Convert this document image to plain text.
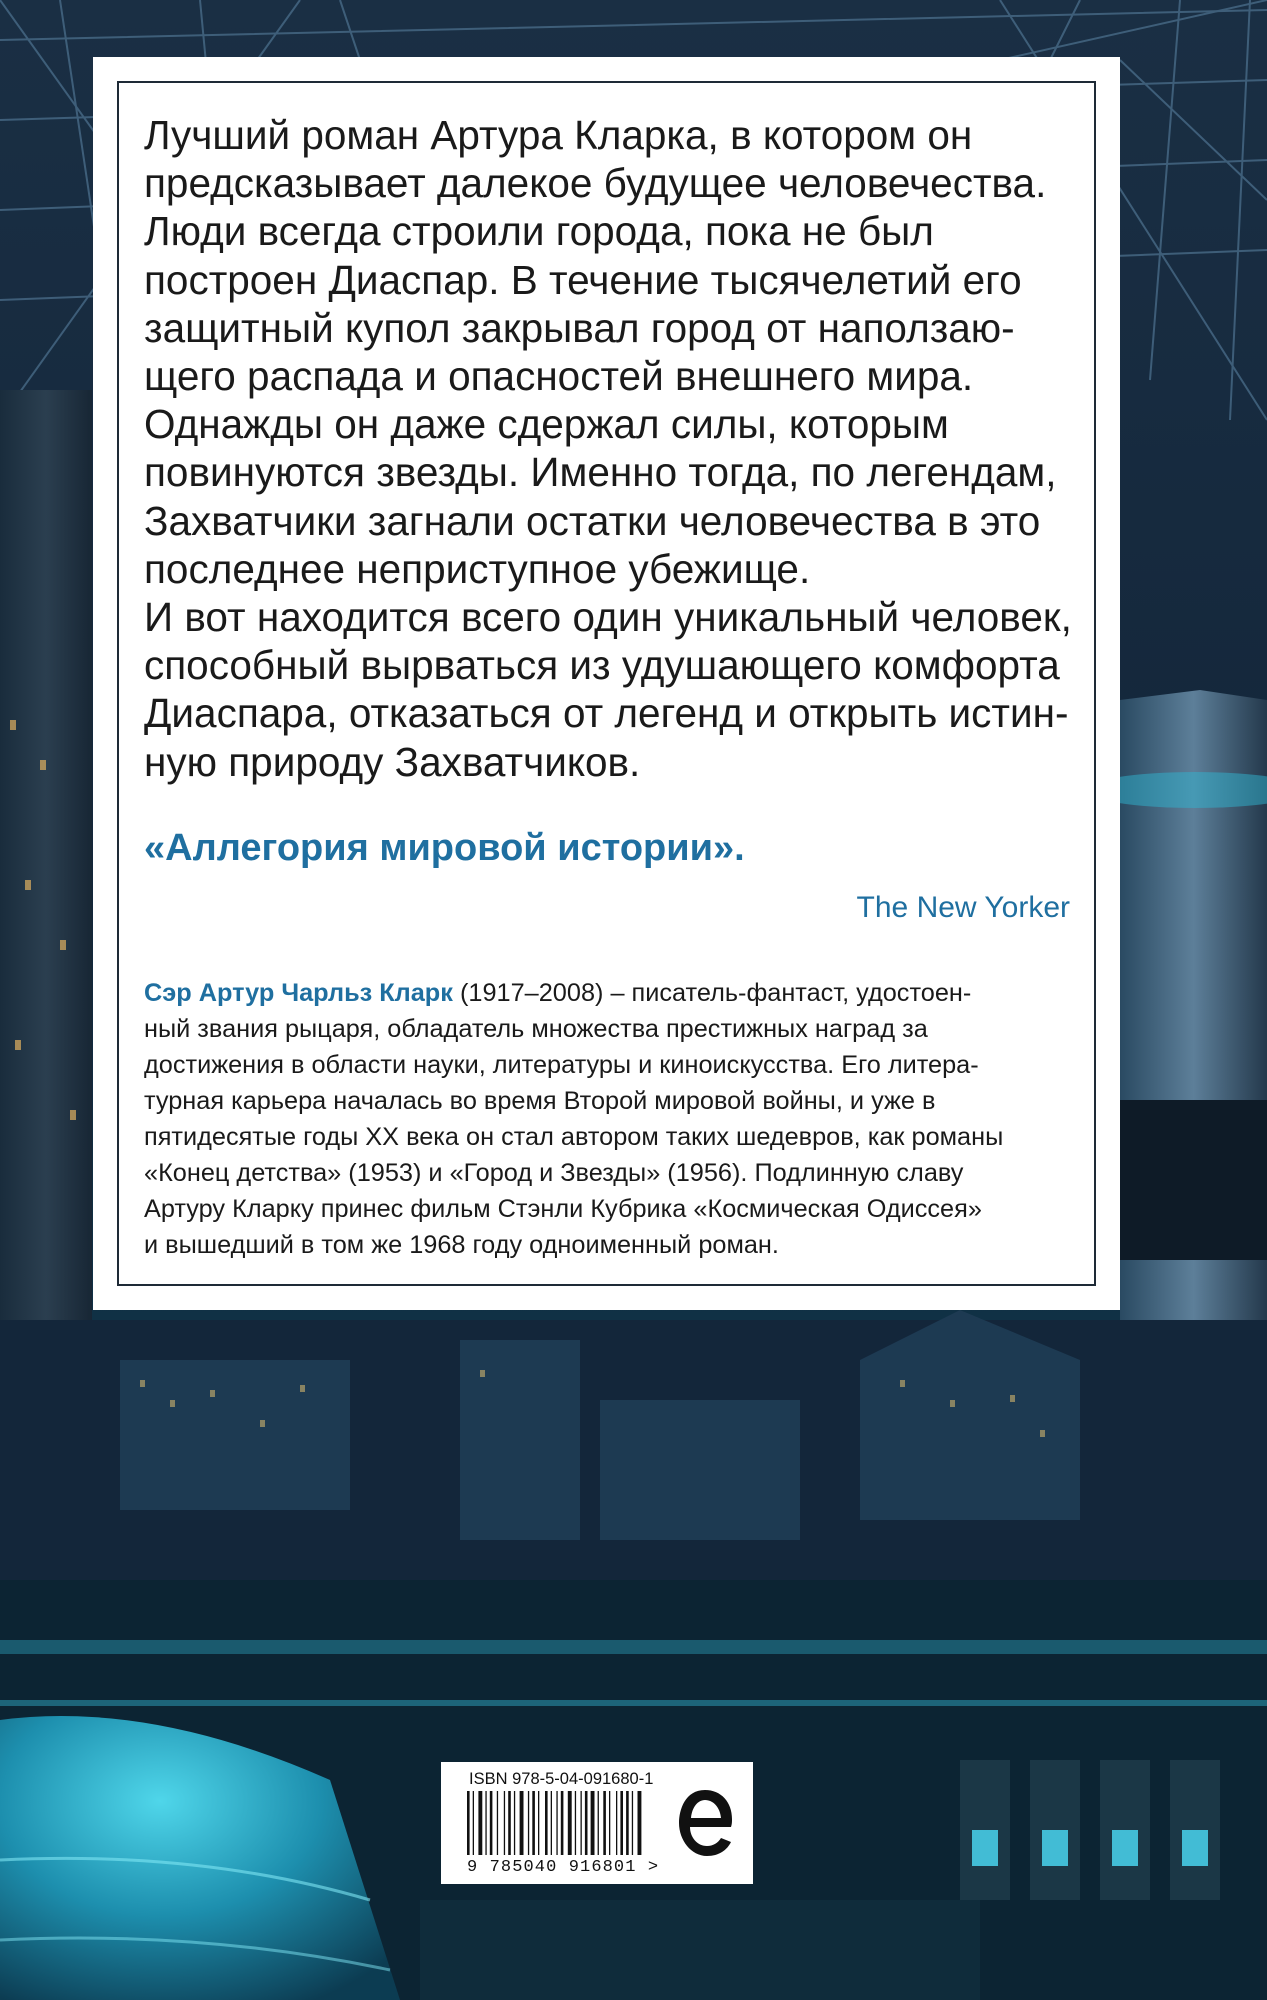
Лучший роман Артура Кларка, в котором он
предсказывает далекое будущее человечества.
Люди всегда строили города, пока не был
построен Диаспар. В течение тысячелетий его
защитный купол закрывал город от наползаю-
щего распада и опасностей внешнего мира.
Однажды он даже сдержал силы, которым
повинуются звезды. Именно тогда, по легендам,
Захватчики загнали остатки человечества в это
последнее неприступное убежище.
И вот находится всего один уникальный человек,
способный вырваться из удушающего комфорта
Диаспара, отказаться от легенд и открыть истин-
ную природу Захватчиков.

«Аллегория мировой истории».
The New Yorker

Сэр Артур Чарльз Кларк (1917–2008) – писатель-фантаст, удостоен-
ный звания рыцаря, обладатель множества престижных наград за
достижения в области науки, литературы и киноискусства. Его литера-
турная карьера началась во время Второй мировой войны, и уже в
пятидесятые годы XX века он стал автором таких шедевров, как романы
«Конец детства» (1953) и «Город и Звезды» (1956). Подлинную славу
Артуру Кларку принес фильм Стэнли Кубрика «Космическая Одиссея»
и вышедший в том же 1968 году одноименный роман.

ISBN 978-5-04-091680-1
9 785040 916801 >
